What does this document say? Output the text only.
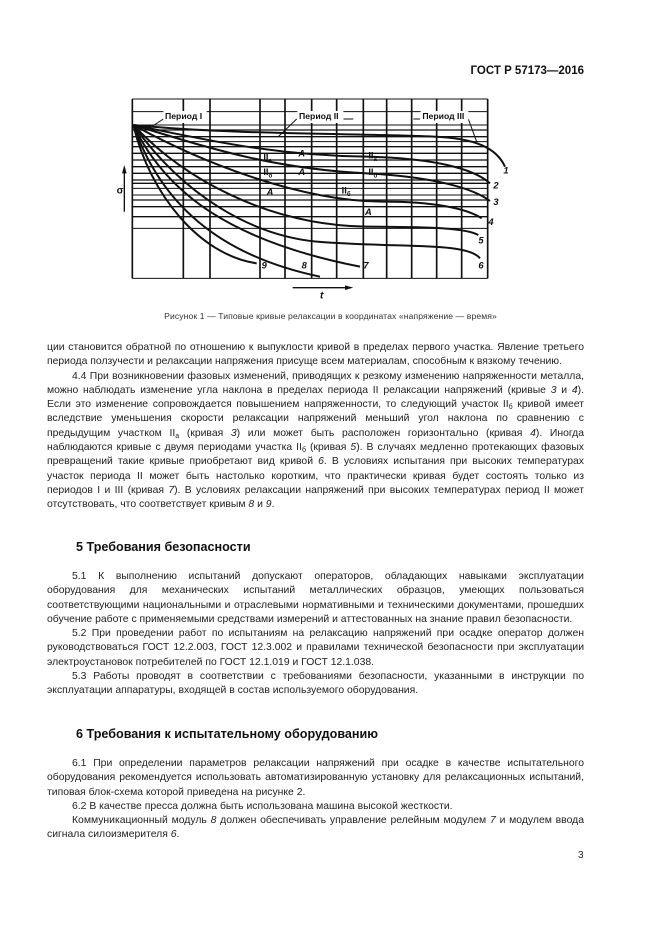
ГОСТ Р 57173—2016
Период I	Период II	Период III
σ
t
1
2
3
4
5
6
7
8
9
A
A
A
A
$II_а$
$II_б$
$II_а$
$II_б$
$II_б$
Рисунок 1 — Типовые кривые релаксации в координатах «напряжение — время»

ции становится обратной по отношению к выпуклости кривой в пределах первого участка. Явление третьего периода ползучести и релаксации напряжения присуще всем материалам, способным к вязкому течению.

4.4 При возникновении фазовых изменений, приводящих к резкому изменению напряженности металла, можно наблюдать изменение угла наклона в пределах периода II релаксации напряжений (кривые 3 и 4). Если это изменение сопровождается повышением напряженности, то следующий участок $II_б$ кривой имеет вследствие уменьшения скорости релаксации напряжений меньший угол наклона по сравнению с предыдущим участком $II_а$ (кривая 3) или может быть расположен горизонтально (кривая 4). Иногда наблюдаются кривые с двумя периодами участка $II_б$ (кривая 5). В случаях медленно протекающих фазовых превращений такие кривые приобретают вид кривой 6. В условиях испытания при высоких температурах участок периода II может быть настолько коротким, что практически кривая будет состоять только из периодов I и III (кривая 7). В условиях релаксации напряжений при высоких температурах период II может отсутствовать, что соответствует кривым 8 и 9.

5 Требования безопасности

5.1 К выполнению испытаний допускают операторов, обладающих навыками эксплуатации оборудования для механических испытаний металлических образцов, умеющих пользоваться соответствующими национальными и отраслевыми нормативными и техническими документами, прошедших обучение работе с применяемыми средствами измерений и аттестованных на знание правил безопасности.

5.2 При проведении работ по испытаниям на релаксацию напряжений при осадке оператор должен руководствоваться ГОСТ 12.2.003, ГОСТ 12.3.002 и правилами технической безопасности при эксплуатации электроустановок потребителей по ГОСТ 12.1.019 и ГОСТ 12.1.038.

5.3 Работы проводят в соответствии с требованиями безопасности, указанными в инструкции по эксплуатации аппаратуры, входящей в состав используемого оборудования.

6 Требования к испытательному оборудованию

6.1 При определении параметров релаксации напряжений при осадке в качестве испытательного оборудования рекомендуется использовать автоматизированную установку для релаксационных испытаний, типовая блок-схема которой приведена на рисунке 2.

6.2 В качестве пресса должна быть использована машина высокой жесткости.

Коммуникационный модуль 8 должен обеспечивать управление релейным модулем 7 и модулем ввода сигнала силоизмерителя 6.

3
